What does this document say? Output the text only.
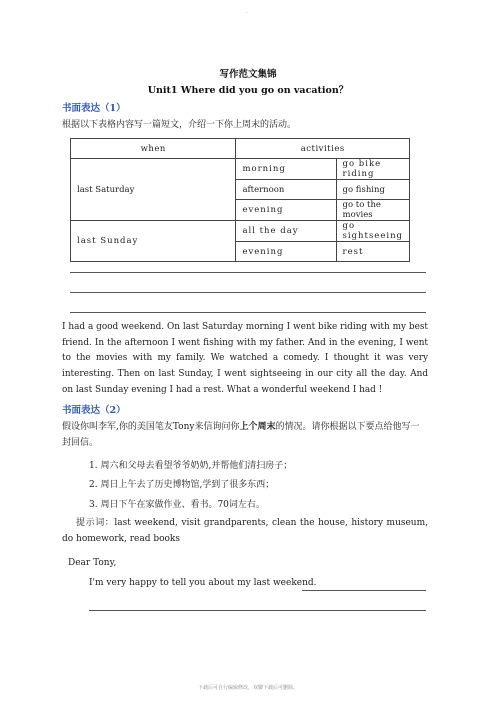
.
写作范文集锦
Unit1 Where did you go on vacation？
书面表达（1）
根据以下表格内容写一篇短文，介绍一下你上周末的活动。
when	activities	
last Saturday	morning	go bike riding
	afternoon	go fishing
	evening	go to the movies
last Sunday	all the day	go sightseeing
	evening	rest
I had a good weekend. On last Saturday morning I went bike riding with my best friend. In the afternoon I went fishing with my father. And in the evening, I went to the movies with my family. We watched a comedy. I thought it was very interesting. Then on last Sunday, I went sightseeing in our city all the day. And on last Sunday evening I had a rest. What a wonderful weekend I had !
书面表达（2）
假设你叫李军,你的美国笔友Tony来信询问你上个周末的情况。请你根据以下要点给他写一封回信。
1. 周六和父母去看望爷爷奶奶,并帮他们清扫房子；
2. 周日上午去了历史博物馆,学到了很多东西；
3. 周日下午在家做作业、看书。70词左右。
提示词：last weekend, visit grandparents, clean the house, history museum, do homework, read books
Dear Tony,
I'm very happy to tell you about my last weekend.
下载后可自行编辑修改，双脚下载后可删除。
